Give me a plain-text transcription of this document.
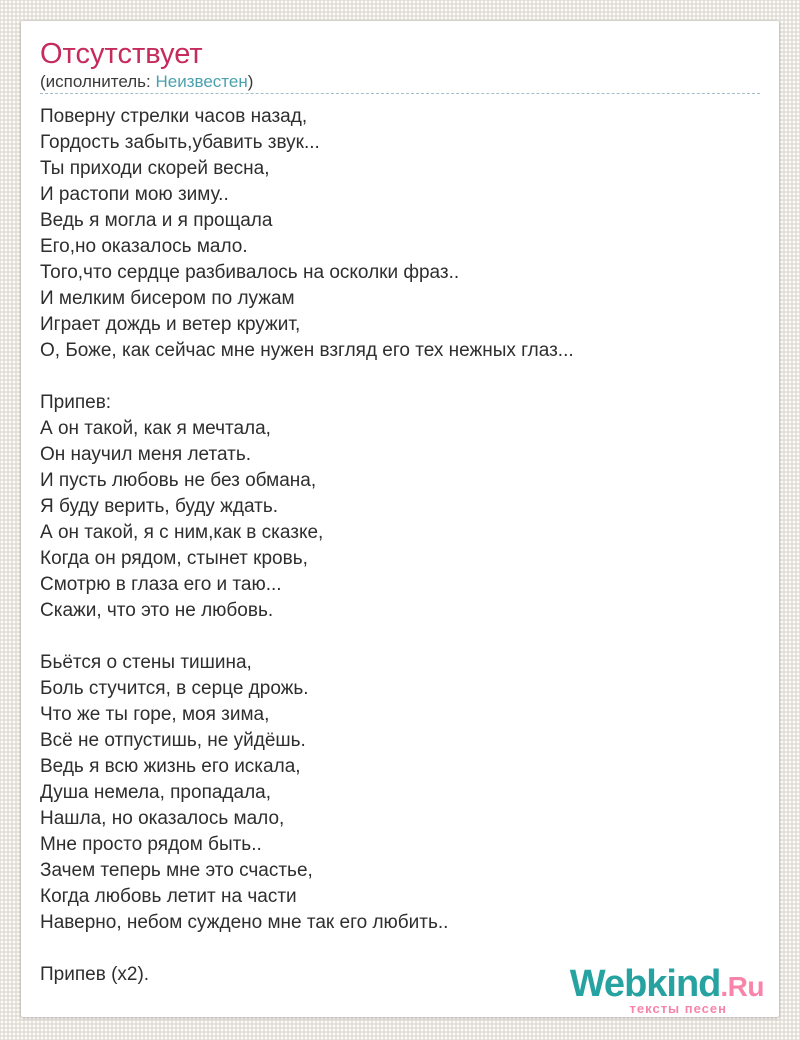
Отсутствует
(исполнитель: Неизвестен)

Поверну стрелки часов назад,
Гордость забыть,убавить звук...
Ты приходи скорей весна,
И растопи мою зиму..
Ведь я могла и я прощала
Его,но оказалось мало.
Того,что сердце разбивалось на осколки фраз..
И мелким бисером по лужам
Играет дождь и ветер кружит,
О, Боже, как сейчас мне нужен взгляд его тех нежных глаз...

Припев:
А он такой, как я мечтала,
Он научил меня летать.
И пусть любовь не без обмана,
Я буду верить, буду ждать.
А он такой, я с ним,как в сказке,
Когда он рядом, стынет кровь,
Смотрю в глаза его и таю...
Скажи, что это не любовь.

Бьётся о стены тишина,
Боль стучится, в серце дрожь.
Что же ты горе, моя зима,
Всё не отпустишь, не уйдёшь.
Ведь я всю жизнь его искала,
Душа немела, пропадала,
Нашла, но оказалось мало,
Мне просто рядом быть..
Зачем теперь мне это счастье,
Когда любовь летит на части
Наверно, небом суждено мне так его любить..

Припев (x2).	Webkind.Ru
тексты песен
